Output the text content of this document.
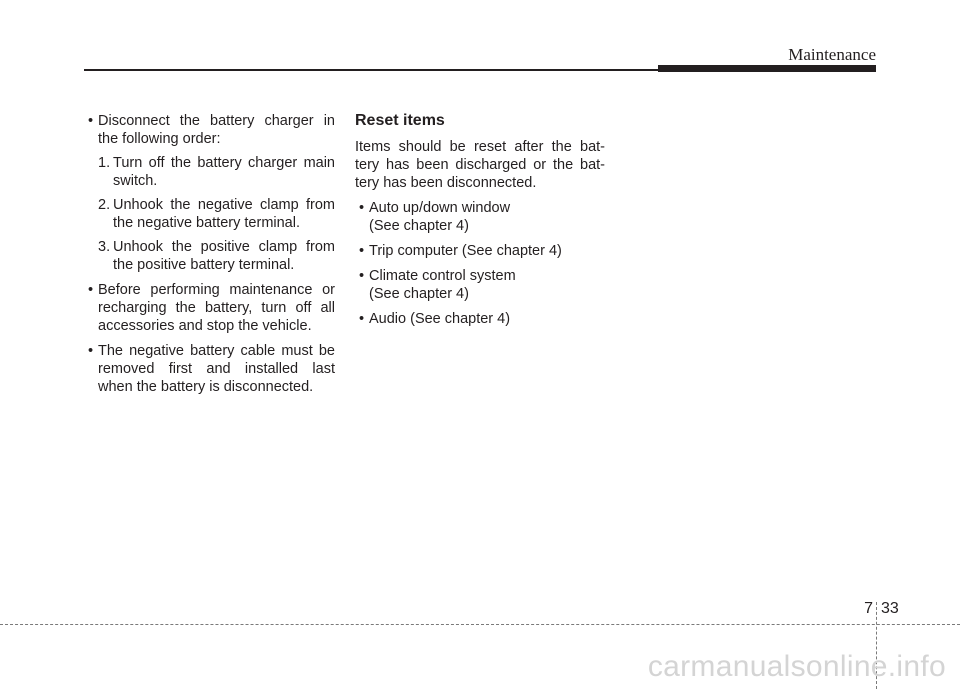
Maintenance
• Disconnect the battery charger in
the following order:
1. Turn off the battery charger main
switch.
2. Unhook the negative clamp from
the negative battery terminal.
3. Unhook the positive clamp from
the positive battery terminal.
• Before performing maintenance or
recharging the battery, turn off all
accessories and stop the vehicle.
• The negative battery cable must be
removed first and installed last
when the battery is disconnected.
Reset items
Items should be reset after the bat-
tery has been discharged or the bat-
tery has been disconnected.
• Auto up/down window
(See chapter 4)
• Trip computer (See chapter 4)
• Climate control system
(See chapter 4)
• Audio (See chapter 4)
7 33
carmanualsonline.info
